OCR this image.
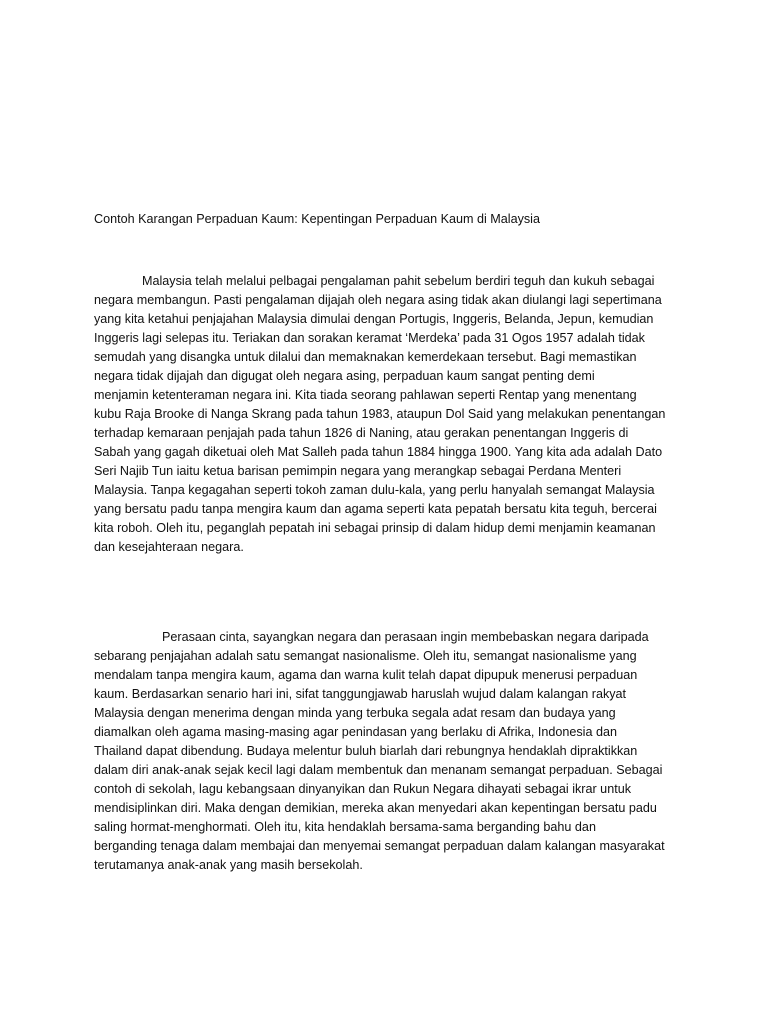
Contoh Karangan Perpaduan Kaum: Kepentingan Perpaduan Kaum di Malaysia

Malaysia telah melalui pelbagai pengalaman pahit sebelum berdiri teguh dan kukuh sebagai
negara membangun. Pasti pengalaman dijajah oleh negara asing tidak akan diulangi lagi sepertimana
yang kita ketahui penjajahan Malaysia dimulai dengan Portugis, Inggeris, Belanda, Jepun, kemudian
Inggeris lagi selepas itu. Teriakan dan sorakan keramat ‘Merdeka’ pada 31 Ogos 1957 adalah tidak
semudah yang disangka untuk dilalui dan memaknakan kemerdekaan tersebut. Bagi memastikan
negara tidak dijajah dan digugat oleh negara asing, perpaduan kaum sangat penting demi
menjamin ketenteraman negara ini. Kita tiada seorang pahlawan seperti Rentap yang menentang
kubu Raja Brooke di Nanga Skrang pada tahun 1983, ataupun Dol Said yang melakukan penentangan
terhadap kemaraan penjajah pada tahun 1826 di Naning, atau gerakan penentangan Inggeris di
Sabah yang gagah diketuai oleh Mat Salleh pada tahun 1884 hingga 1900. Yang kita ada adalah Dato
Seri Najib Tun iaitu ketua barisan pemimpin negara yang merangkap sebagai Perdana Menteri
Malaysia. Tanpa kegagahan seperti tokoh zaman dulu-kala, yang perlu hanyalah semangat Malaysia
yang bersatu padu tanpa mengira kaum dan agama seperti kata pepatah bersatu kita teguh, bercerai
kita roboh. Oleh itu, peganglah pepatah ini sebagai prinsip di dalam hidup demi menjamin keamanan
dan kesejahteraan negara.
Perasaan cinta, sayangkan negara dan perasaan ingin membebaskan negara daripada
sebarang penjajahan adalah satu semangat nasionalisme. Oleh itu, semangat nasionalisme yang
mendalam tanpa mengira kaum, agama dan warna kulit telah dapat dipupuk menerusi perpaduan
kaum. Berdasarkan senario hari ini, sifat tanggungjawab haruslah wujud dalam kalangan rakyat
Malaysia dengan menerima dengan minda yang terbuka segala adat resam dan budaya yang
diamalkan oleh agama masing-masing agar penindasan yang berlaku di Afrika, Indonesia dan
Thailand dapat dibendung. Budaya melentur buluh biarlah dari rebungnya hendaklah dipraktikkan
dalam diri anak-anak sejak kecil lagi dalam membentuk dan menanam semangat perpaduan. Sebagai
contoh di sekolah, lagu kebangsaan dinyanyikan dan Rukun Negara dihayati sebagai ikrar untuk
mendisiplinkan diri. Maka dengan demikian, mereka akan menyedari akan kepentingan bersatu padu
saling hormat-menghormati. Oleh itu, kita hendaklah bersama-sama berganding bahu dan
berganding tenaga dalam membajai dan menyemai semangat perpaduan dalam kalangan masyarakat
terutamanya anak-anak yang masih bersekolah.
